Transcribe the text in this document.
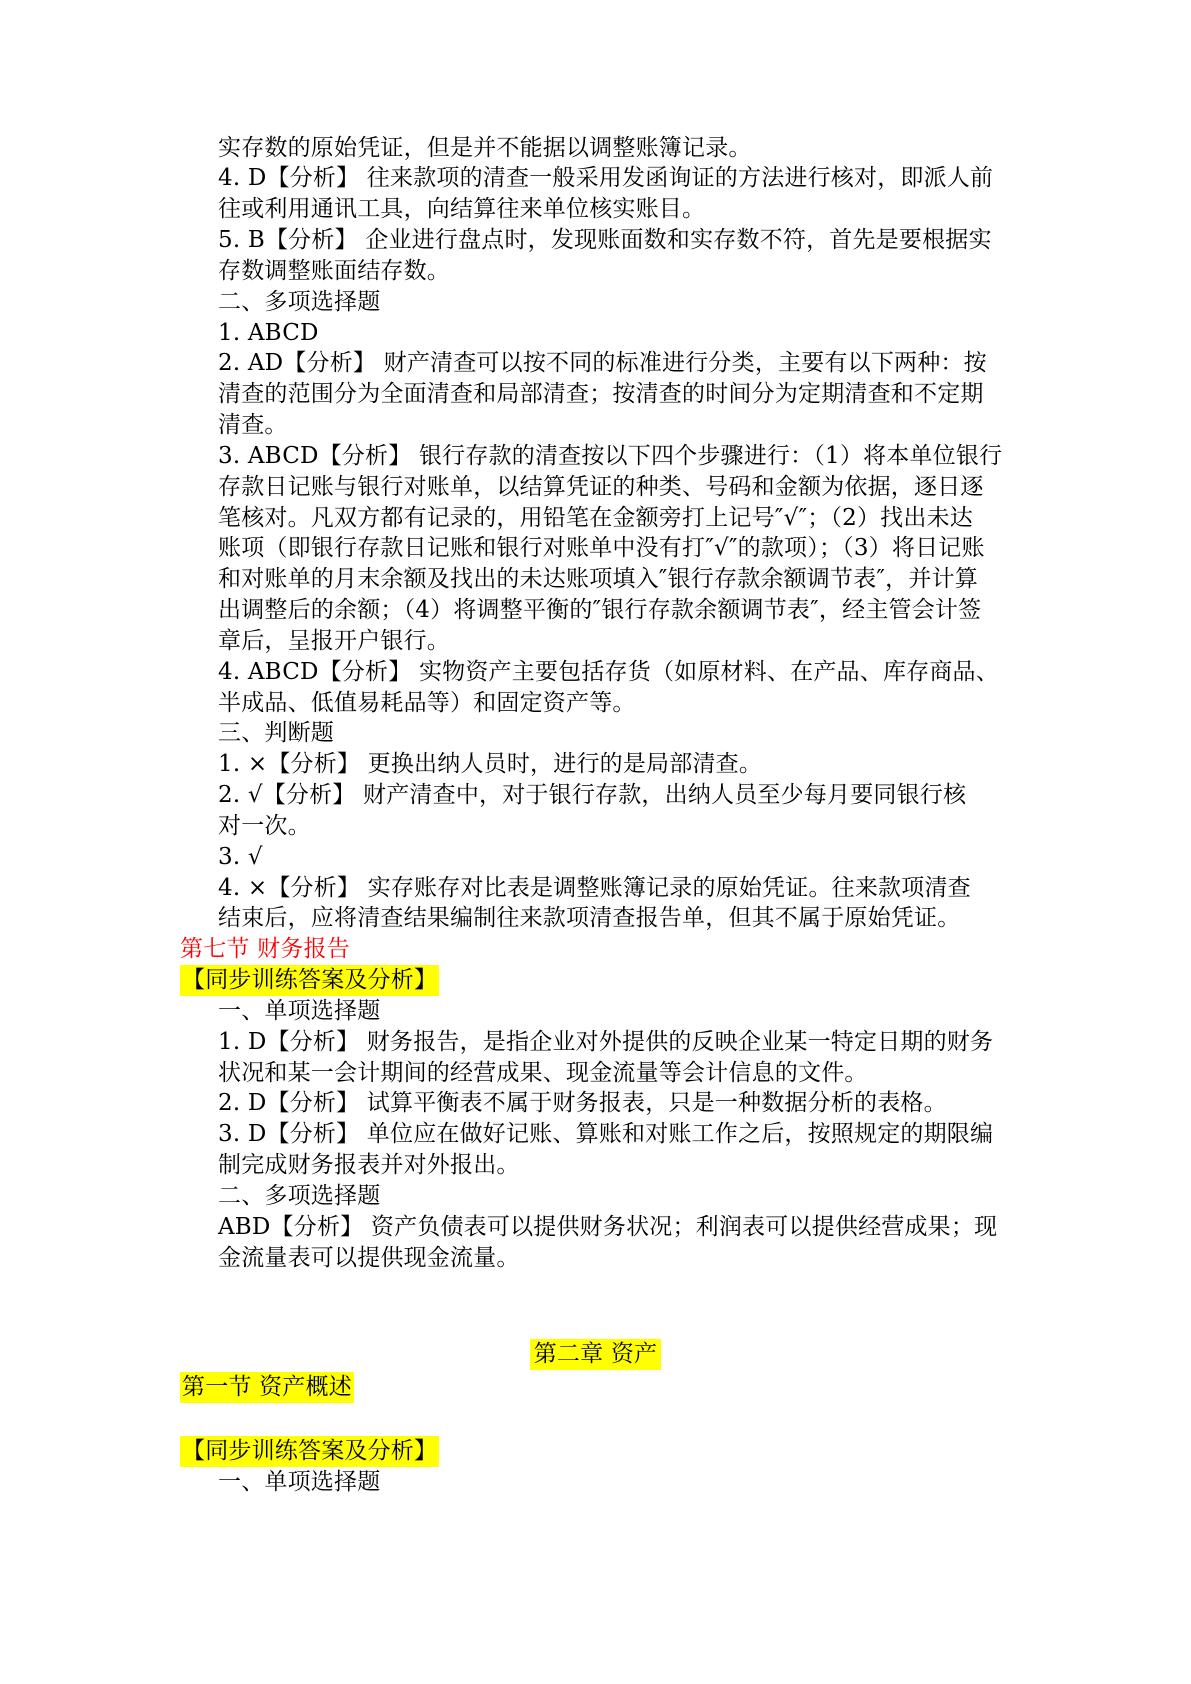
实存数的原始凭证，但是并不能据以调整账簿记录。
4. D【分析】 往来款项的清查一般采用发函询证的方法进行核对，即派人前
往或利用通讯工具，向结算往来单位核实账目。
5. B【分析】 企业进行盘点时，发现账面数和实存数不符，首先是要根据实
存数调整账面结存数。
二、多项选择题
1. ABCD
2. AD【分析】 财产清查可以按不同的标准进行分类，主要有以下两种：按
清查的范围分为全面清查和局部清查；按清查的时间分为定期清查和不定期
清查。
3. ABCD【分析】 银行存款的清查按以下四个步骤进行：（1）将本单位银行
存款日记账与银行对账单，以结算凭证的种类、号码和金额为依据，逐日逐
笔核对。凡双方都有记录的，用铅笔在金额旁打上记号″√″；（2）找出未达
账项（即银行存款日记账和银行对账单中没有打″√″的款项）；（3）将日记账
和对账单的月末余额及找出的未达账项填入″银行存款余额调节表″，并计算
出调整后的余额；（4）将调整平衡的″银行存款余额调节表″，经主管会计签
章后，呈报开户银行。
4. ABCD【分析】 实物资产主要包括存货（如原材料、在产品、库存商品、
半成品、低值易耗品等）和固定资产等。
三、判断题
1. ×【分析】 更换出纳人员时，进行的是局部清查。
2. √【分析】 财产清查中，对于银行存款，出纳人员至少每月要同银行核
对一次。
3. √
4. ×【分析】 实存账存对比表是调整账簿记录的原始凭证。往来款项清查
结束后，应将清查结果编制往来款项清查报告单，但其不属于原始凭证。
第七节 财务报告
【同步训练答案及分析】
一、单项选择题
1. D【分析】 财务报告，是指企业对外提供的反映企业某一特定日期的财务
状况和某一会计期间的经营成果、现金流量等会计信息的文件。
2. D【分析】 试算平衡表不属于财务报表，只是一种数据分析的表格。
3. D【分析】 单位应在做好记账、算账和对账工作之后，按照规定的期限编
制完成财务报表并对外报出。
二、多项选择题
ABD【分析】 资产负债表可以提供财务状况；利润表可以提供经营成果；现
金流量表可以提供现金流量。
第二章 资产
第一节 资产概述
【同步训练答案及分析】
一、单项选择题
